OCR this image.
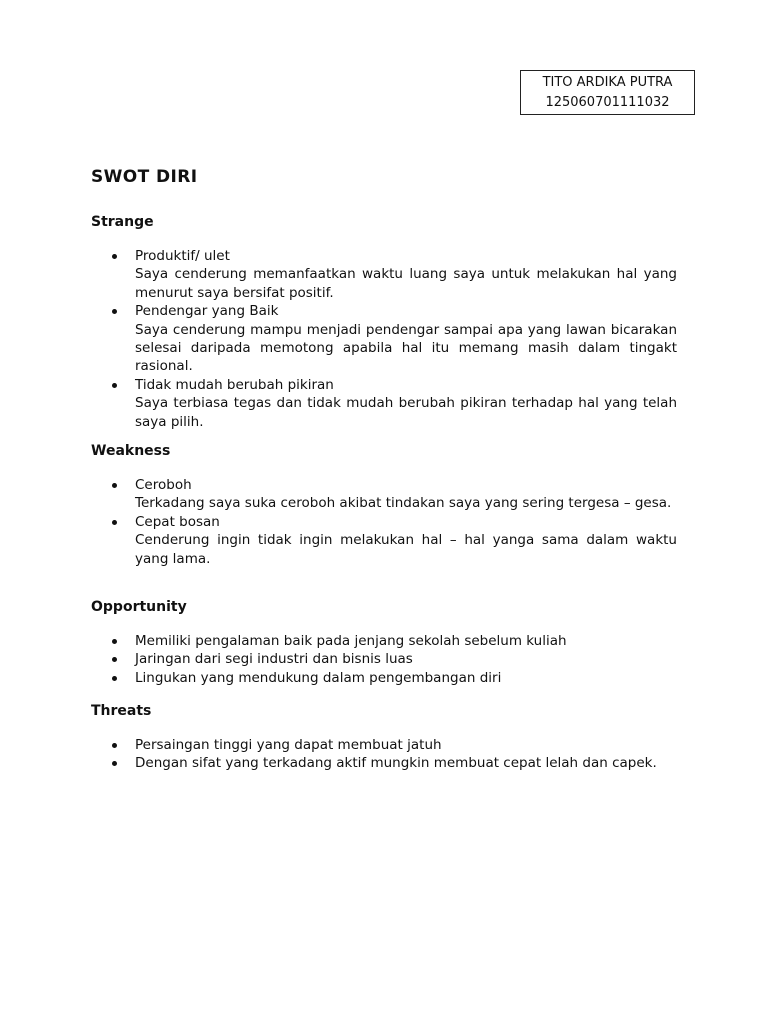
TITO ARDIKA PUTRA
125060701111032
SWOT DIRI
Strange
Produktif/ ulet
Saya cenderung memanfaatkan waktu luang saya untuk melakukan hal yang menurut saya bersifat positif.
Pendengar yang Baik
Saya cenderung mampu menjadi pendengar sampai apa yang lawan bicarakan selesai daripada memotong apabila hal itu memang masih dalam tingakt rasional.
Tidak mudah berubah pikiran
Saya terbiasa tegas dan tidak mudah berubah pikiran terhadap hal yang telah saya pilih.
Weakness
Ceroboh
Terkadang saya suka ceroboh akibat tindakan saya yang sering tergesa – gesa.
Cepat bosan
Cenderung ingin tidak ingin melakukan hal – hal yanga sama dalam waktu yang lama.
Opportunity
Memiliki pengalaman baik pada jenjang sekolah sebelum kuliah
Jaringan dari segi industri dan bisnis luas
Lingukan yang mendukung dalam pengembangan diri
Threats
Persaingan tinggi yang dapat membuat jatuh
Dengan sifat yang terkadang aktif mungkin membuat cepat lelah dan capek.
